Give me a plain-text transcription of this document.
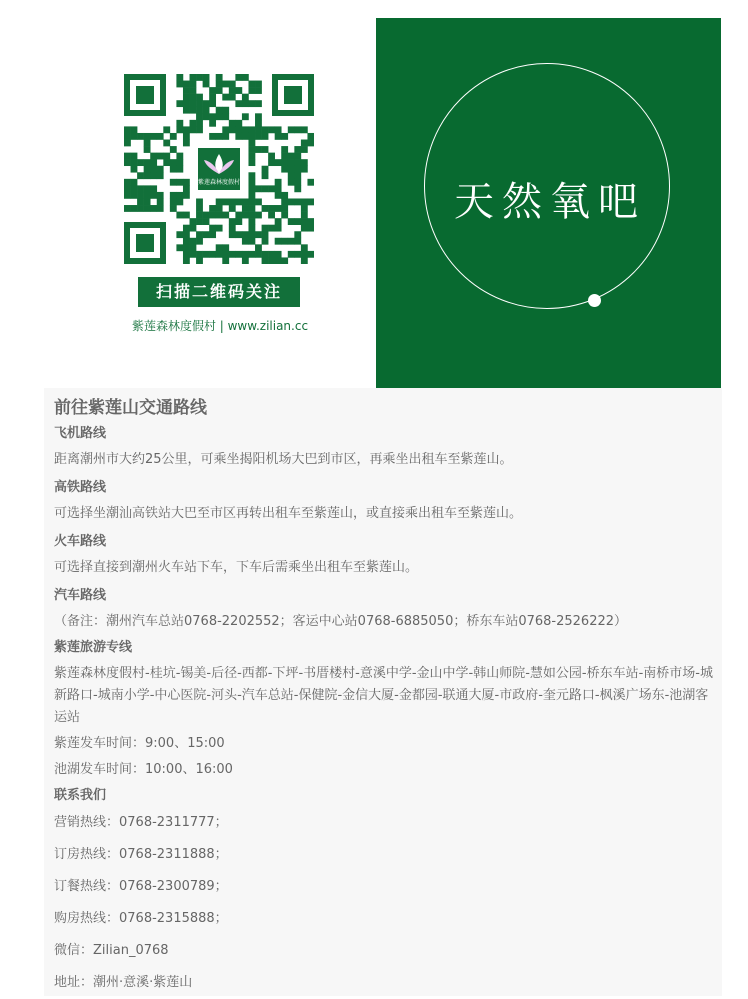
紫莲森林度假村
扫描二维码关注
紫莲森林度假村 | www.zilian.cc
天然氧吧
前往紫莲山交通路线
飞机路线
距离潮州市大约25公里，可乘坐揭阳机场大巴到市区，再乘坐出租车至紫莲山。
高铁路线
可选择坐潮汕高铁站大巴至市区再转出租车至紫莲山，或直接乘出租车至紫莲山。
火车路线
可选择直接到潮州火车站下车，下车后需乘坐出租车至紫莲山。
汽车路线
（备注：潮州汽车总站0768-2202552；客运中心站0768-6885050；桥东车站0768-2526222）
紫莲旅游专线
紫莲森林度假村-桂坑-锡美-后径-西都-下坪-书厝楼村-意溪中学-金山中学-韩山师院-慧如公园-桥东车站-南桥市场-城新路口-城南小学-中心医院-河头-汽车总站-保健院-金信大厦-金都园-联通大厦-市政府-奎元路口-枫溪广场东-池湖客运站
紫莲发车时间：9:00、15:00
池湖发车时间：10:00、16:00
联系我们
营销热线：0768-2311777；
订房热线：0768-2311888；
订餐热线：0768-2300789；
购房热线：0768-2315888；
微信：Zilian_0768
地址：潮州·意溪·紫莲山
